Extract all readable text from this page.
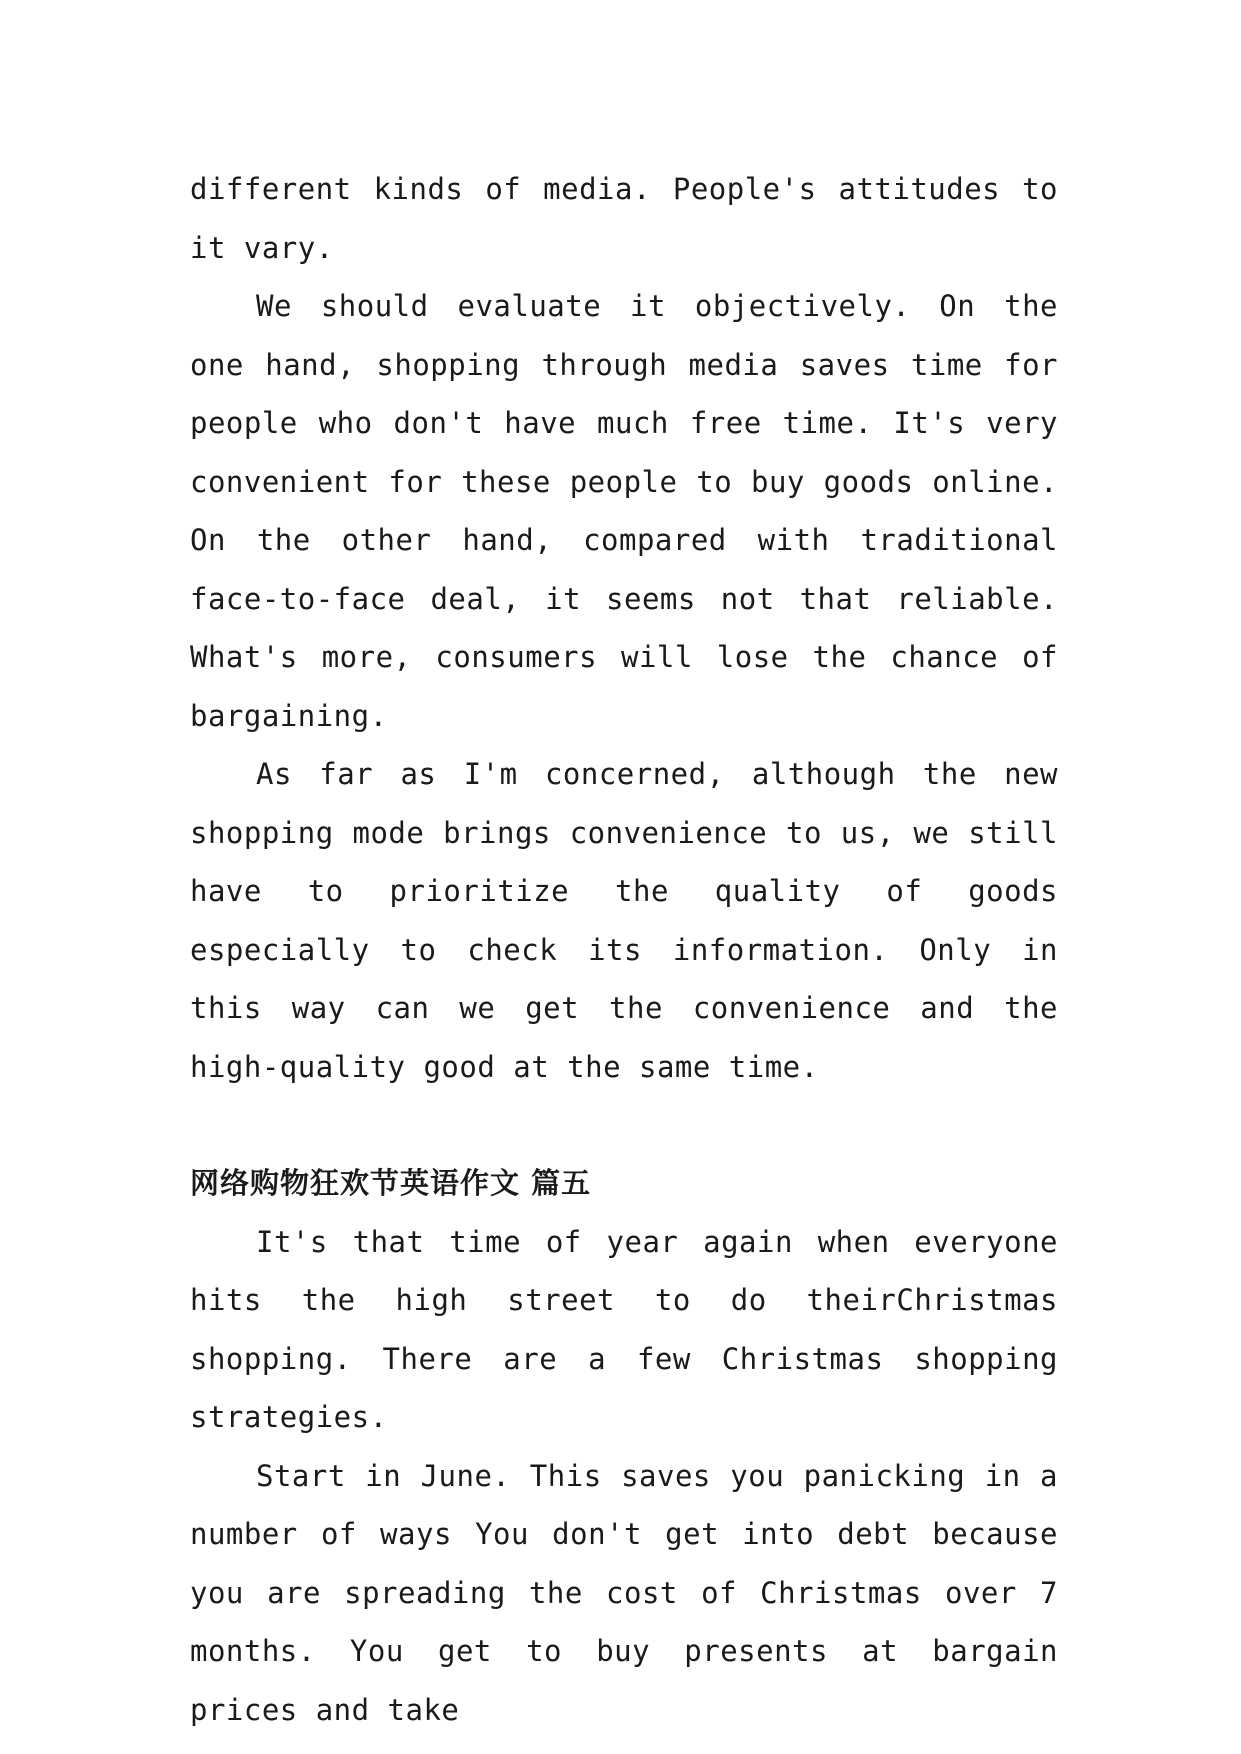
different kinds of media. People's attitudes to it vary.

We should evaluate it objectively. On the one hand, shopping through media saves time for people who don't have much free time. It's very convenient for these people to buy goods online. On the other hand, compared with traditional face-to-face deal, it seems not that reliable. What's more, consumers will lose the chance of bargaining.

As far as I'm concerned, although the new shopping mode brings convenience to us, we still have to prioritize the quality of goods especially to check its information. Only in this way can we get the convenience and the high-quality good at the same time.

网络购物狂欢节英语作文 篇五

It's that time of year again when everyone hits the high street to do theirChristmas shopping. There are a few Christmas shopping strategies.

Start in June. This saves you panicking in a number of ways You don't get into debt because you are spreading the cost of Christmas over 7 months. You get to buy presents at bargain prices and take
